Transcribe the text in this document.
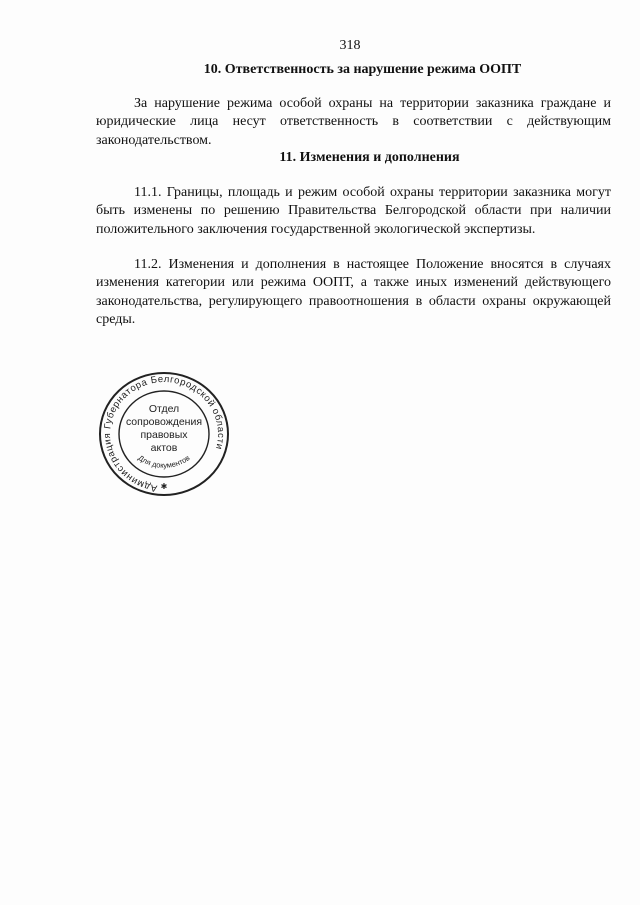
318
10. Ответственность за нарушение режима ООПТ

За нарушение режима особой охраны на территории заказника граждане и юридические лица несут ответственность в соответствии с действующим законодательством.

11. Изменения и дополнения

11.1. Границы, площадь и режим особой охраны территории заказника могут быть изменены по решению Правительства Белгородской области при наличии положительного заключения государственной экологической экспертизы.

11.2. Изменения и дополнения в настоящее Положение вносятся в случаях изменения категории или режима ООПТ, а также иных изменений действующего законодательства, регулирующего правоотношения в области охраны окружающей среды.

Администрация Губернатора Белгородской области
Для документов
Отдел
сопровождения
правовых
актов
✱
